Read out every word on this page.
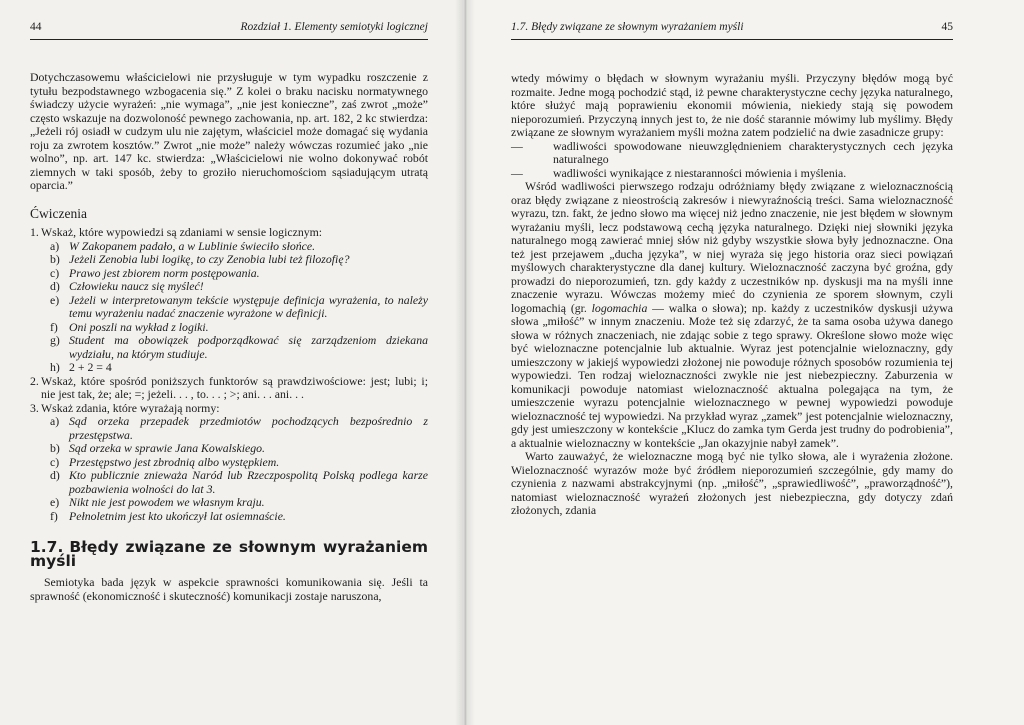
44	Rozdział 1. Elementy semiotyki logicznej

Dotychczasowemu właścicielowi nie przysługuje w tym wypadku roszczenie z tytułu bezpodstawnego wzbogacenia się.” Z kolei o braku nacisku normatywnego świadczy użycie wyrażeń: „nie wymaga”, „nie jest konieczne”, zaś zwrot „może” często wskazuje na dozwoloność pewnego zachowania, np. art. 182, 2 kc stwierdza: „Jeżeli rój osiadł w cudzym ulu nie zajętym, właściciel może domagać się wydania roju za zwrotem kosztów.” Zwrot „nie może” należy wówczas rozumieć jako „nie wolno”, np. art. 147 kc. stwierdza: „Właścicielowi nie wolno dokonywać robót ziemnych w taki sposób, żeby to groziło nieruchomościom sąsiadującym utratą oparcia.”

Ćwiczenia
1. Wskaż, które wypowiedzi są zdaniami w sensie logicznym:
a) W Zakopanem padało, a w Lublinie świeciło słońce.
b) Jeżeli Zenobia lubi logikę, to czy Zenobia lubi też filozofię?
c) Prawo jest zbiorem norm postępowania.
d) Człowieku naucz się myśleć!
e) Jeżeli w interpretowanym tekście występuje definicja wyrażenia, to należy temu wyrażeniu nadać znaczenie wyrażone w definicji.
f) Oni poszli na wykład z logiki.
g) Student ma obowiązek podporządkować się zarządzeniom dziekana wydziału, na którym studiuje.
h) 2 + 2 = 4
2. Wskaż, które spośród poniższych funktorów są prawdziwościowe: jest; lubi; i; nie jest tak, że; ale; =; jeżeli. . . , to. . . ; >; ani. . . ani. . .
3. Wskaż zdania, które wyrażają normy:
a) Sąd orzeka przepadek przedmiotów pochodzących bezpośrednio z przestępstwa.
b) Sąd orzeka w sprawie Jana Kowalskiego.
c) Przestępstwo jest zbrodnią albo występkiem.
d) Kto publicznie znieważa Naród lub Rzeczpospolitą Polską podlega karze pozbawienia wolności do lat 3.
e) Nikt nie jest powodem we własnym kraju.
f) Pełnoletnim jest kto ukończył lat osiemnaście.
1.7. Błędy związane ze słownym wyrażaniem myśli

Semiotyka bada język w aspekcie sprawności komunikowania się. Jeśli ta sprawność (ekonomiczność i skuteczność) komunikacji zostaje naruszona,

1.7. Błędy związane ze słownym wyrażaniem myśli	45

wtedy mówimy o błędach w słownym wyrażaniu myśli. Przyczyny błędów mogą być rozmaite. Jedne mogą pochodzić stąd, iż pewne charakterystyczne cechy języka naturalnego, które służyć mają poprawieniu ekonomii mówienia, niekiedy stają się powodem nieporozumień. Przyczyną innych jest to, że nie dość starannie mówimy lub myślimy. Błędy związane ze słownym wyrażaniem myśli można zatem podzielić na dwie zasadnicze grupy:

—	wadliwości spowodowane nieuwzględnieniem charakterystycznych cech języka naturalnego
—	wadliwości wynikające z niestaranności mówienia i myślenia.

Wśród wadliwości pierwszego rodzaju odróżniamy błędy związane z wieloznacznością oraz błędy związane z nieostrością zakresów i niewyraźnością treści. Sama wieloznaczność wyrazu, tzn. fakt, że jedno słowo ma więcej niż jedno znaczenie, nie jest błędem w słownym wyrażaniu myśli, lecz podstawową cechą języka naturalnego. Dzięki niej słowniki języka naturalnego mogą zawierać mniej słów niż gdyby wszystkie słowa były jednoznaczne. Ona też jest przejawem „ducha języka”, w niej wyraża się jego historia oraz sieci powiązań myślowych charakterystyczne dla danej kultury. Wieloznaczność zaczyna być groźna, gdy prowadzi do nieporozumień, tzn. gdy każdy z uczestników np. dyskusji ma na myśli inne znaczenie wyrazu. Wówczas możemy mieć do czynienia ze sporem słownym, czyli logomachią (gr. logomachia — walka o słowa); np. każdy z uczestników dyskusji używa słowa „miłość” w innym znaczeniu. Może też się zdarzyć, że ta sama osoba używa danego słowa w różnych znaczeniach, nie zdając sobie z tego sprawy. Określone słowo może więc być wieloznaczne potencjalnie lub aktualnie. Wyraz jest potencjalnie wieloznaczny, gdy umieszczony w jakiejś wypowiedzi złożonej nie powoduje różnych sposobów rozumienia tej wypowiedzi. Ten rodzaj wieloznaczności zwykle nie jest niebezpieczny. Zaburzenia w komunikacji powoduje natomiast wieloznaczność aktualna polegająca na tym, że umieszczenie wyrazu potencjalnie wieloznacznego w pewnej wypowiedzi powoduje wieloznaczność tej wypowiedzi. Na przykład wyraz „zamek” jest potencjalnie wieloznaczny, gdy jest umieszczony w kontekście „Klucz do zamka tym Gerda jest trudny do podrobienia”, a aktualnie wieloznaczny w kontekście „Jan okazyjnie nabył zamek”.

Warto zauważyć, że wieloznaczne mogą być nie tylko słowa, ale i wyrażenia złożone. Wieloznaczność wyrazów może być źródłem nieporozumień szczególnie, gdy mamy do czynienia z nazwami abstrakcyjnymi (np. „miłość”, „sprawiedliwość”, „praworządność”), natomiast wieloznaczność wyrażeń złożonych jest niebezpieczna, gdy dotyczy zdań złożonych, zdania
